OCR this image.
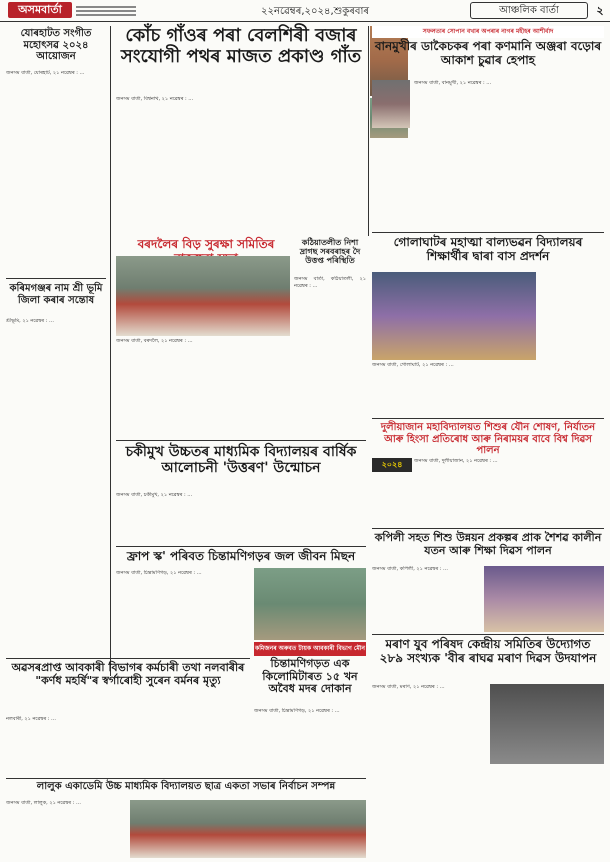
অসমবাৰ্তা	২২নৱেম্বৰ,২০২৪,শুকুৰবাৰ	আঞ্চলিক বাৰ্তা	২
যোৰহাটত সংগীত মহোৎসৱ ২০২৪ আয়োজন
জনসম বাৰ্তা, যোৰহাট, ২১ নৱেম্বৰ : …
কৰিমগঞ্জৰ নাম শ্ৰী ভূমি জিলা কৰাৰ সন্তোষ
শ্ৰীভূমি, ২১ নৱেম্বৰ : …
অৱসৰপ্ৰাপ্ত আবকাৰী বিভাগৰ কৰ্মচাৰী তথা নলবাৰীৰ "কৰ্ণধ মহৰ্ষি"ৰ স্বৰ্গাৰোহী সুৰেন বৰ্মনৰ মৃত্যু
নলবাৰী, ২১ নৱেম্বৰ : …
কোঁচ গাঁওৰ পৰা বেলশিৰী বজাৰ সংযোগী পথৰ মাজত প্ৰকাণ্ড গাঁত
জনসম বাৰ্তা, বিশ্বনাথ, ২১ নৱেম্বৰ : …
বৰদলৈৰ বিড় সুৰক্ষা সমিতিৰ
জনসম বাৰ্তা, বৰদলৈ, ২১ নৱেম্বৰ : …
কঠিয়াতলীত নিশা দ্ৰাগছ সৰবৰাহৰ দৈ উত্তপ্ত পৰিস্থিতি
জনসম বাৰ্তা, কঠিয়াতলী, ২১ নৱেম্বৰ : …
চকীমুখ উচ্চতৰ মাধ্যমিক বিদ্যালয়ৰ বাৰ্ষিক আলোচনী 'উত্তৰণ' উন্মোচন
জনসম বাৰ্তা, চকীমুখ, ২১ নৱেম্বৰ : …
ফ্ৰাপ স্ক' পৰিবত চিন্তামণিগড়ৰ জল জীবন মিছন
জনসম বাৰ্তা, চিন্তামণিগড়, ২১ নৱেম্বৰ : …
কমিজনৰ অৰুবত টায়ক আবকাৰী বিভাগ মৌন
চিন্তামণিগড়ত এক কিলোমিটাৰত ১৫ খন অবৈধ মদৰ দোকান
জনসম বাৰ্তা, চিন্তামণিগড়, ২১ নৱেম্বৰ : …
লালুক একাডেমি উচ্চ মাধ্যমিক বিদ্যালয়ত ছাত্ৰ একতা সভাৰ নিৰ্বাচন সম্পন্ন
জনসম বাৰ্তা, লালুক, ২১ নৱেম্বৰ : …
সফলতাৰ সোপান বখাৰ অপৰাৰ নাগৰ মহীহৰ আশীৰ্বাদ
বানমুখীৰ ডাকৈচকৰ পৰা কণমানি অঞ্জৰা বড়োৰ আকাশ চুৱাৰ হেপাহ
জনসম বাৰ্তা, বানমুখী, ২১ নৱেম্বৰ : …
গোলাঘাটৰ মহাত্মা বাল্যভৱন বিদ্যালয়ৰ শিক্ষাৰ্থীৰ দ্বাৰা বাস প্ৰদৰ্শন
জনসম বাৰ্তা, গোলাঘাট, ২১ নৱেম্বৰ : …
দুলীয়াজান মহাবিদ্যালয়ত শিশুৰ যৌন শোষণ, নিৰ্যাতন আৰু হিংসা প্ৰতিৰোধ আৰু নিৰাময়ৰ বাবে বিশ্ব দিৱস পালন
২০২৪	জনসম বাৰ্তা, দুলীয়াজান, ২১ নৱেম্বৰ : …
কপিলী সহত শিশু উন্নয়ন প্ৰকল্পৰ প্ৰাক শৈশৱ কালীন যতন আৰু শিক্ষা দিৱস পালন
জনসম বাৰ্তা, কপিলী, ২১ নৱেম্বৰ : …
মৰাণ যুব পৰিষদ কেন্দ্ৰীয় সমিতিৰ উদ্যোগত ২৮৯ সংখ্যক 'বীৰ ৰাঘৱ মৰাণ দিৱস উদযাপন
জনসম বাৰ্তা, মৰাণ, ২১ নৱেম্বৰ : …
